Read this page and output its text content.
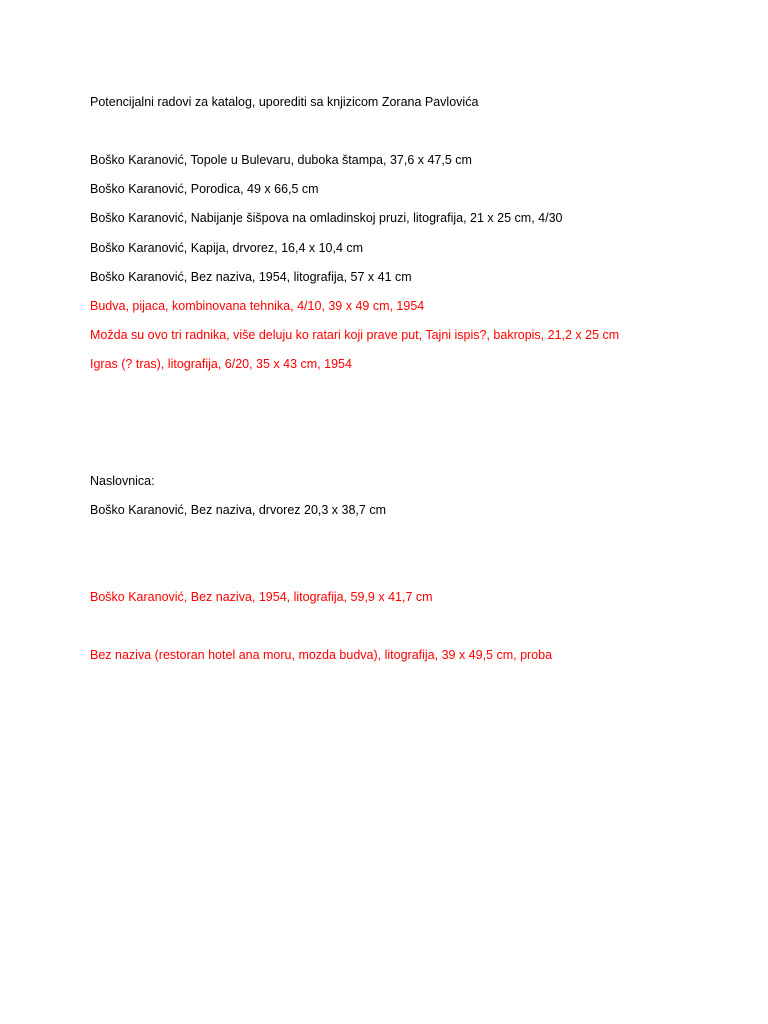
Potencijalni radovi za katalog, uporediti sa knjizicom Zorana Pavlovića
Boško Karanović, Topole u Bulevaru, duboka štampa, 37,6 x 47,5 cm
Boško Karanović, Porodica, 49 x 66,5 cm
Boško Karanović, Nabijanje šišpova na omladinskoj pruzi, litografija, 21 x 25 cm, 4/30
Boško Karanović, Kapija, drvorez, 16,4 x 10,4 cm
Boško Karanović, Bez naziva, 1954, litografija, 57 x 41 cm
Budva, pijaca, kombinovana tehnika, 4/10, 39 x 49 cm, 1954
Možda su ovo tri radnika, više deluju ko ratari koji prave put, Tajni ispis?, bakropis, 21,2 x 25 cm
Igras (? tras), litografija, 6/20, 35 x 43 cm, 1954
Naslovnica:
Boško Karanović, Bez naziva, drvorez 20,3 x 38,7 cm
Boško Karanović, Bez naziva, 1954, litografija, 59,9 x 41,7 cm
Bez naziva (restoran hotel ana moru, mozda budva), litografija, 39 x 49,5 cm, proba
